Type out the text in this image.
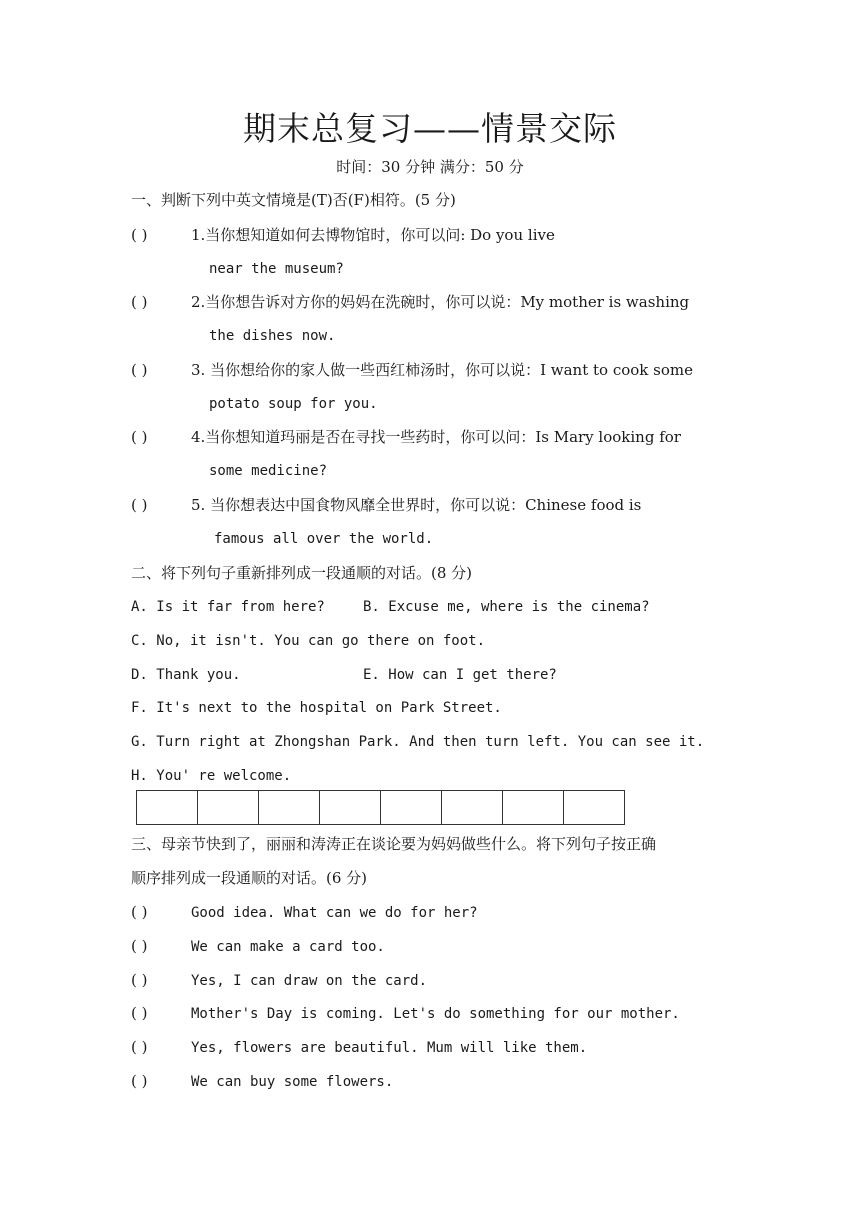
期末总复习——情景交际
时间：30 分钟 满分：50 分
一、判断下列中英文情境是(T)否(F)相符。(5 分)
( )	1.当你想知道如何去博物馆时，你可以问: Do you live
near the museum?
( )	2.当你想告诉对方你的妈妈在洗碗时，你可以说：My mother is washing
the dishes now.
( )	3. 当你想给你的家人做一些西红柿汤时，你可以说：I want to cook some
potato soup for you.
( )	4.当你想知道玛丽是否在寻找一些药时，你可以问：Is Mary looking for
some medicine?
( )	5. 当你想表达中国食物风靡全世界时，你可以说：Chinese food is
famous all over the world.
二、将下列句子重新排列成一段通顺的对话。(8 分)
A. Is it far from here?	B. Excuse me, where is the cinema?
C. No, it isn't. You can go there on foot.
D. Thank you.	E. How can I get there?
F. It's next to the hospital on Park Street.
G. Turn right at Zhongshan Park. And then turn left. You can see it.
H. You' re welcome.

三、母亲节快到了，丽丽和涛涛正在谈论要为妈妈做些什么。将下列句子按正确
顺序排列成一段通顺的对话。(6 分)
( )	Good idea. What can we do for her?
( )	We can make a card too.
( )	Yes, I can draw on the card.
( )	Mother's Day is coming. Let's do something for our mother.
( )	Yes, flowers are beautiful. Mum will like them.
( )	We can buy some flowers.
